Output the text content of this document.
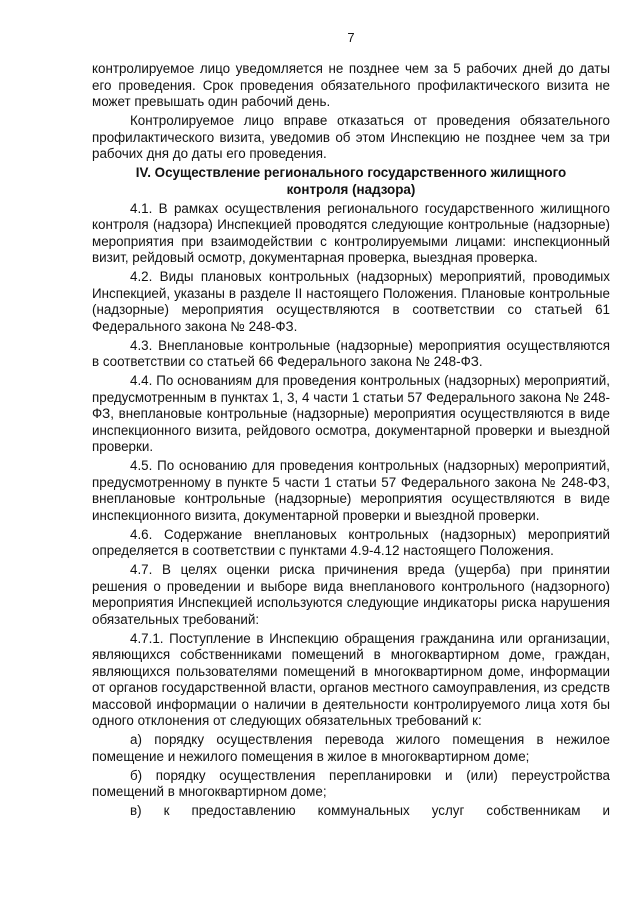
7

контролируемое лицо уведомляется не позднее чем за 5 рабочих дней до даты его проведения. Срок проведения обязательного профилактического визита не может превышать один рабочий день.

Контролируемое лицо вправе отказаться от проведения обязательного профилактического визита, уведомив об этом Инспекцию не позднее чем за три рабочих дня до даты его проведения.

IV. Осуществление регионального государственного жилищного контроля (надзора)

4.1. В рамках осуществления регионального государственного жилищного контроля (надзора) Инспекцией проводятся следующие контрольные (надзорные) мероприятия при взаимодействии с контролируемыми лицами: инспекционный визит, рейдовый осмотр, документарная проверка, выездная проверка.

4.2. Виды плановых контрольных (надзорных) мероприятий, проводимых Инспекцией, указаны в разделе II настоящего Положения. Плановые контрольные (надзорные) мероприятия осуществляются в соответствии со статьей 61 Федерального закона № 248-ФЗ.

4.3. Внеплановые контрольные (надзорные) мероприятия осуществляются в соответствии со статьей 66 Федерального закона № 248-ФЗ.

4.4. По основаниям для проведения контрольных (надзорных) мероприятий, предусмотренным в пунктах 1, 3, 4 части 1 статьи 57 Федерального закона № 248-ФЗ, внеплановые контрольные (надзорные) мероприятия осуществляются в виде инспекционного визита, рейдового осмотра, документарной проверки и выездной проверки.

4.5. По основанию для проведения контрольных (надзорных) мероприятий, предусмотренному в пункте 5 части 1 статьи 57 Федерального закона № 248-ФЗ, внеплановые контрольные (надзорные) мероприятия осуществляются в виде инспекционного визита, документарной проверки и выездной проверки.

4.6. Содержание внеплановых контрольных (надзорных) мероприятий определяется в соответствии с пунктами 4.9-4.12 настоящего Положения.

4.7. В целях оценки риска причинения вреда (ущерба) при принятии решения о проведении и выборе вида внепланового контрольного (надзорного) мероприятия Инспекцией используются следующие индикаторы риска нарушения обязательных требований:

4.7.1. Поступление в Инспекцию обращения гражданина или организации, являющихся собственниками помещений в многоквартирном доме, граждан, являющихся пользователями помещений в многоквартирном доме, информации от органов государственной власти, органов местного самоуправления, из средств массовой информации о наличии в деятельности контролируемого лица хотя бы одного отклонения от следующих обязательных требований к:

а) порядку осуществления перевода жилого помещения в нежилое помещение и нежилого помещения в жилое в многоквартирном доме;

б) порядку осуществления перепланировки и (или) переустройства помещений в многоквартирном доме;

в) к предоставлению коммунальных услуг собственникам и
